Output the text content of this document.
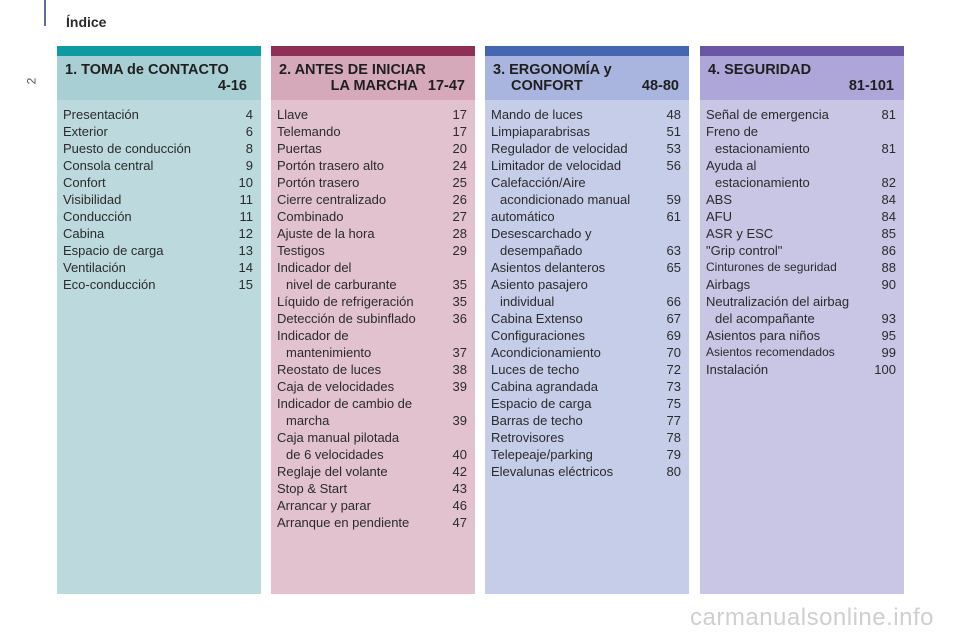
Índice
2
1. TOMA de CONTACTO
4-16
Presentación	4
Exterior	6
Puesto de conducción	8
Consola central	9
Confort	10
Visibilidad	11
Conducción	11
Cabina	12
Espacio de carga	13
Ventilación	14
Eco-conducción	15
2. ANTES DE INICIAR
LA MARCHA 17-47
Llave	17
Telemando	17
Puertas	20
Portón trasero alto	24
Portón trasero	25
Cierre centralizado	26
Combinado	27
Ajuste de la hora	28
Testigos	29
Indicador del
nivel de carburante	35
Líquido de refrigeración	35
Detección de subinflado	36
Indicador de
mantenimiento	37
Reostato de luces	38
Caja de velocidades	39
Indicador de cambio de
marcha	39
Caja manual pilotada
de 6 velocidades	40
Reglaje del volante	42
Stop & Start	43
Arrancar y parar	46
Arranque en pendiente	47
3. ERGONOMÍA y
CONFORT	48-80
Mando de luces	48
Limpiaparabrisas	51
Regulador de velocidad	53
Limitador de velocidad	56
Calefacción/Aire
acondicionado manual	59
automático	61
Desescarchado y
desempañado	63
Asientos delanteros	65
Asiento pasajero
individual	66
Cabina Extenso	67
Configuraciones	69
Acondicionamiento	70
Luces de techo	72
Cabina agrandada	73
Espacio de carga	75
Barras de techo	77
Retrovisores	78
Telepeaje/parking	79
Elevalunas eléctricos	80
4. SEGURIDAD
81-101
Señal de emergencia	81
Freno de
estacionamiento	81
Ayuda al
estacionamiento	82
ABS	84
AFU	84
ASR y ESC	85
"Grip control"	86
Cinturones de seguridad	88
Airbags	90
Neutralización del airbag
del acompañante	93
Asientos para niños	95
Asientos recomendados	99
Instalación	100
carmanualsonline.info
